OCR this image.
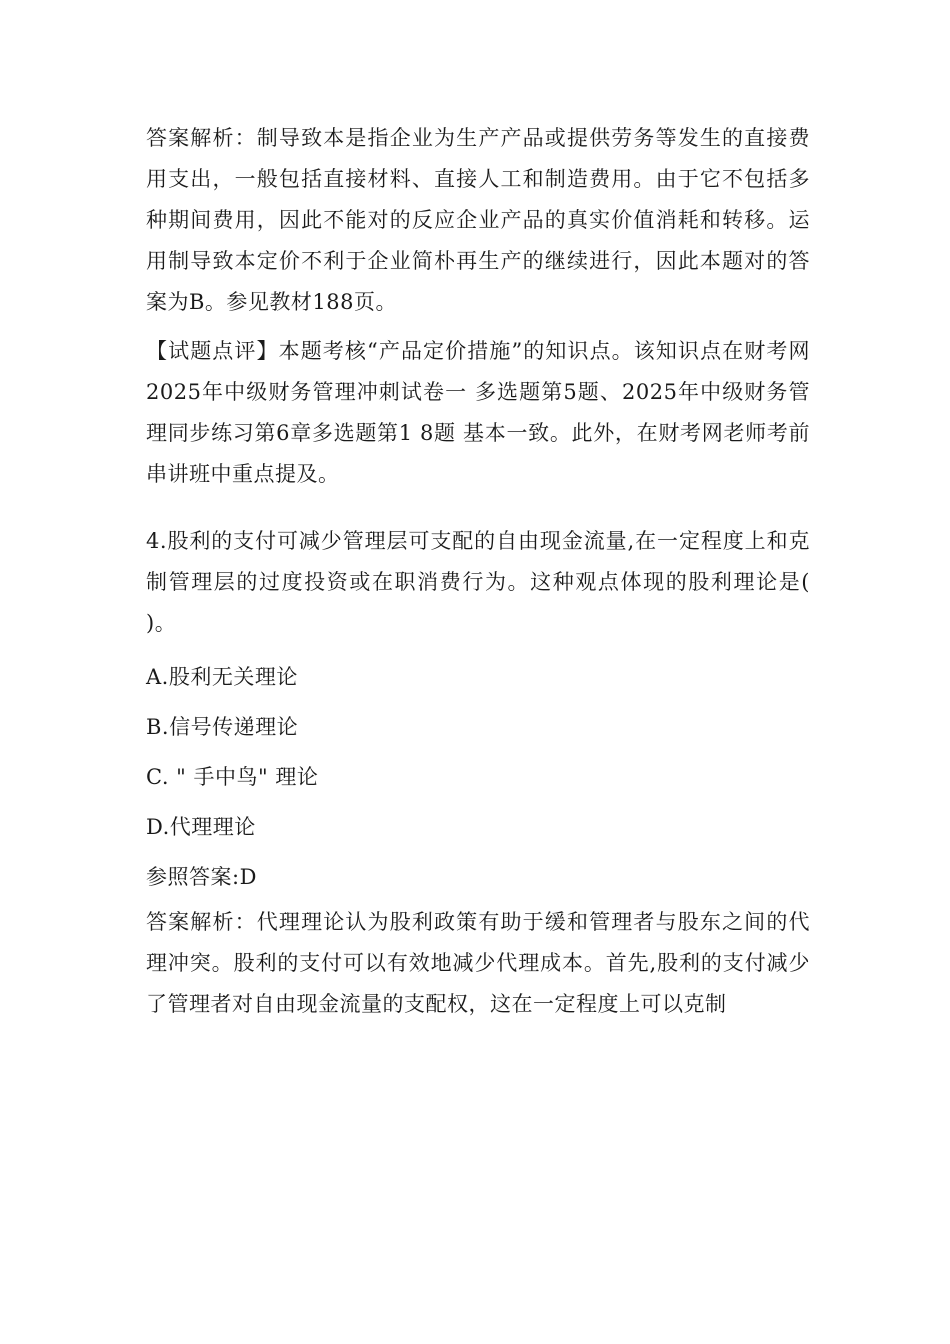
答案解析：制导致本是指企业为生产产品或提供劳务等发生的直接费用支出，一般包括直接材料、直接人工和制造费用。由于它不包括多种期间费用，因此不能对的反应企业产品的真实价值消耗和转移。运用制导致本定价不利于企业简朴再生产的继续进行，因此本题对的答案为B。参见教材188页。

【试题点评】本题考核“产品定价措施”的知识点。该知识点在财考网2025年中级财务管理冲刺试卷一 多选题第5题、2025年中级财务管理同步练习第6章多选题第1 8题 基本一致。此外，在财考网老师考前串讲班中重点提及。

4.股利的支付可减少管理层可支配的自由现金流量,在一定程度上和克制管理层的过度投资或在职消费行为。这种观点体现的股利理论是( )。

A.股利无关理论

B.信号传递理论

C. " 手中鸟" 理论

D.代理理论

参照答案:D

答案解析：代理理论认为股利政策有助于缓和管理者与股东之间的代理冲突。股利的支付可以有效地减少代理成本。首先,股利的支付减少了管理者对自由现金流量的支配权，这在一定程度上可以克制
